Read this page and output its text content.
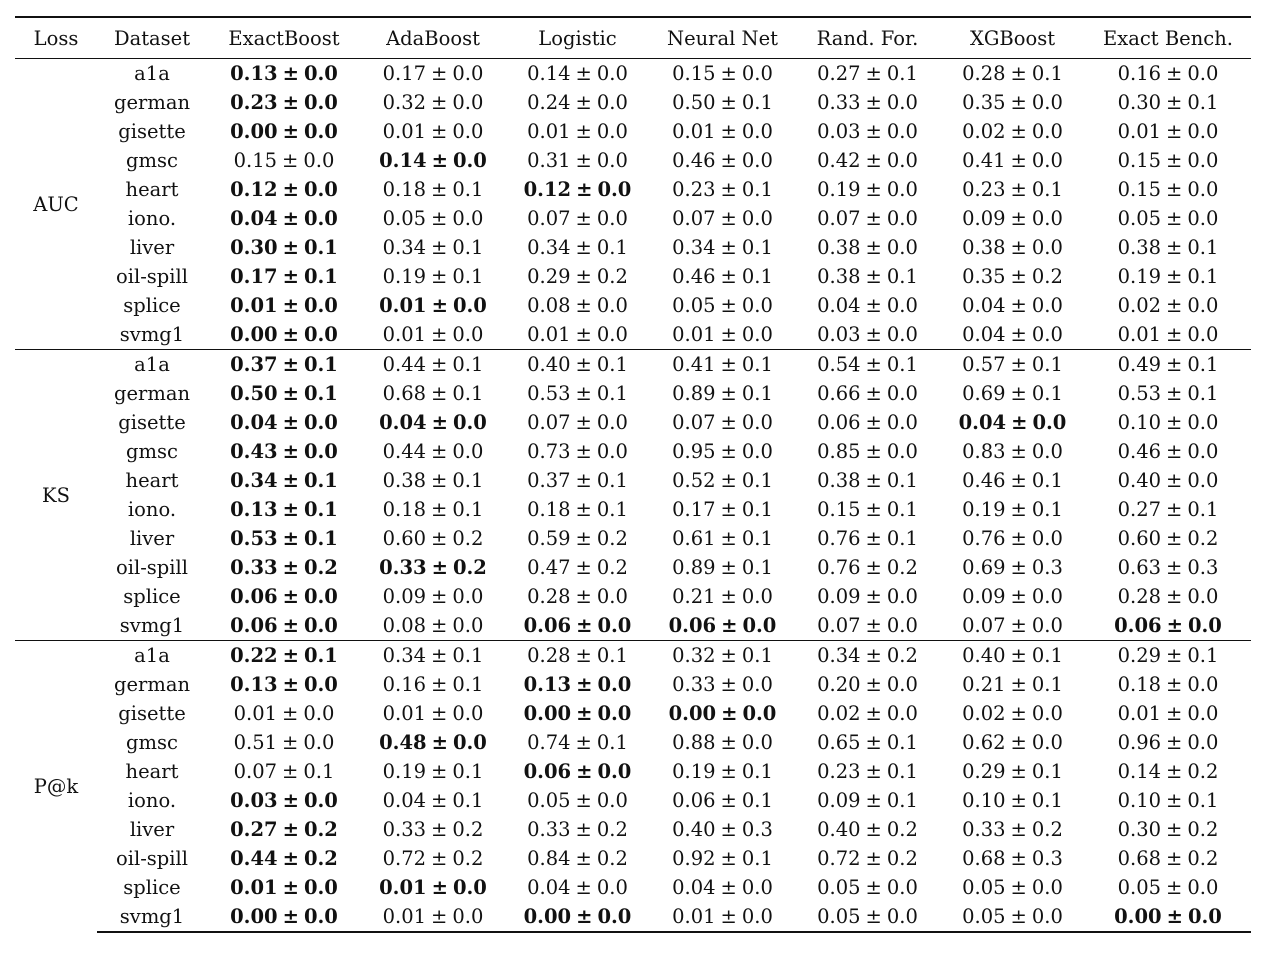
Loss	Dataset	ExactBoost	AdaBoost	Logistic	Neural Net	Rand. For.	XGBoost	Exact Bench.
AUC	a1a	0.13 ± 0.0	0.17 ± 0.0	0.14 ± 0.0	0.15 ± 0.0	0.27 ± 0.1	0.28 ± 0.1	0.16 ± 0.0
	german	0.23 ± 0.0	0.32 ± 0.0	0.24 ± 0.0	0.50 ± 0.1	0.33 ± 0.0	0.35 ± 0.0	0.30 ± 0.1
	gisette	0.00 ± 0.0	0.01 ± 0.0	0.01 ± 0.0	0.01 ± 0.0	0.03 ± 0.0	0.02 ± 0.0	0.01 ± 0.0
	gmsc	0.15 ± 0.0	0.14 ± 0.0	0.31 ± 0.0	0.46 ± 0.0	0.42 ± 0.0	0.41 ± 0.0	0.15 ± 0.0
	heart	0.12 ± 0.0	0.18 ± 0.1	0.12 ± 0.0	0.23 ± 0.1	0.19 ± 0.0	0.23 ± 0.1	0.15 ± 0.0
	iono.	0.04 ± 0.0	0.05 ± 0.0	0.07 ± 0.0	0.07 ± 0.0	0.07 ± 0.0	0.09 ± 0.0	0.05 ± 0.0
	liver	0.30 ± 0.1	0.34 ± 0.1	0.34 ± 0.1	0.34 ± 0.1	0.38 ± 0.0	0.38 ± 0.0	0.38 ± 0.1
	oil-spill	0.17 ± 0.1	0.19 ± 0.1	0.29 ± 0.2	0.46 ± 0.1	0.38 ± 0.1	0.35 ± 0.2	0.19 ± 0.1
	splice	0.01 ± 0.0	0.01 ± 0.0	0.08 ± 0.0	0.05 ± 0.0	0.04 ± 0.0	0.04 ± 0.0	0.02 ± 0.0
	svmg1	0.00 ± 0.0	0.01 ± 0.0	0.01 ± 0.0	0.01 ± 0.0	0.03 ± 0.0	0.04 ± 0.0	0.01 ± 0.0
KS	a1a	0.37 ± 0.1	0.44 ± 0.1	0.40 ± 0.1	0.41 ± 0.1	0.54 ± 0.1	0.57 ± 0.1	0.49 ± 0.1
	german	0.50 ± 0.1	0.68 ± 0.1	0.53 ± 0.1	0.89 ± 0.1	0.66 ± 0.0	0.69 ± 0.1	0.53 ± 0.1
	gisette	0.04 ± 0.0	0.04 ± 0.0	0.07 ± 0.0	0.07 ± 0.0	0.06 ± 0.0	0.04 ± 0.0	0.10 ± 0.0
	gmsc	0.43 ± 0.0	0.44 ± 0.0	0.73 ± 0.0	0.95 ± 0.0	0.85 ± 0.0	0.83 ± 0.0	0.46 ± 0.0
	heart	0.34 ± 0.1	0.38 ± 0.1	0.37 ± 0.1	0.52 ± 0.1	0.38 ± 0.1	0.46 ± 0.1	0.40 ± 0.0
	iono.	0.13 ± 0.1	0.18 ± 0.1	0.18 ± 0.1	0.17 ± 0.1	0.15 ± 0.1	0.19 ± 0.1	0.27 ± 0.1
	liver	0.53 ± 0.1	0.60 ± 0.2	0.59 ± 0.2	0.61 ± 0.1	0.76 ± 0.1	0.76 ± 0.0	0.60 ± 0.2
	oil-spill	0.33 ± 0.2	0.33 ± 0.2	0.47 ± 0.2	0.89 ± 0.1	0.76 ± 0.2	0.69 ± 0.3	0.63 ± 0.3
	splice	0.06 ± 0.0	0.09 ± 0.0	0.28 ± 0.0	0.21 ± 0.0	0.09 ± 0.0	0.09 ± 0.0	0.28 ± 0.0
	svmg1	0.06 ± 0.0	0.08 ± 0.0	0.06 ± 0.0	0.06 ± 0.0	0.07 ± 0.0	0.07 ± 0.0	0.06 ± 0.0
P@k	a1a	0.22 ± 0.1	0.34 ± 0.1	0.28 ± 0.1	0.32 ± 0.1	0.34 ± 0.2	0.40 ± 0.1	0.29 ± 0.1
	german	0.13 ± 0.0	0.16 ± 0.1	0.13 ± 0.0	0.33 ± 0.0	0.20 ± 0.0	0.21 ± 0.1	0.18 ± 0.0
	gisette	0.01 ± 0.0	0.01 ± 0.0	0.00 ± 0.0	0.00 ± 0.0	0.02 ± 0.0	0.02 ± 0.0	0.01 ± 0.0
	gmsc	0.51 ± 0.0	0.48 ± 0.0	0.74 ± 0.1	0.88 ± 0.0	0.65 ± 0.1	0.62 ± 0.0	0.96 ± 0.0
	heart	0.07 ± 0.1	0.19 ± 0.1	0.06 ± 0.0	0.19 ± 0.1	0.23 ± 0.1	0.29 ± 0.1	0.14 ± 0.2
	iono.	0.03 ± 0.0	0.04 ± 0.1	0.05 ± 0.0	0.06 ± 0.1	0.09 ± 0.1	0.10 ± 0.1	0.10 ± 0.1
	liver	0.27 ± 0.2	0.33 ± 0.2	0.33 ± 0.2	0.40 ± 0.3	0.40 ± 0.2	0.33 ± 0.2	0.30 ± 0.2
	oil-spill	0.44 ± 0.2	0.72 ± 0.2	0.84 ± 0.2	0.92 ± 0.1	0.72 ± 0.2	0.68 ± 0.3	0.68 ± 0.2
	splice	0.01 ± 0.0	0.01 ± 0.0	0.04 ± 0.0	0.04 ± 0.0	0.05 ± 0.0	0.05 ± 0.0	0.05 ± 0.0
	svmg1	0.00 ± 0.0	0.01 ± 0.0	0.00 ± 0.0	0.01 ± 0.0	0.05 ± 0.0	0.05 ± 0.0	0.00 ± 0.0
